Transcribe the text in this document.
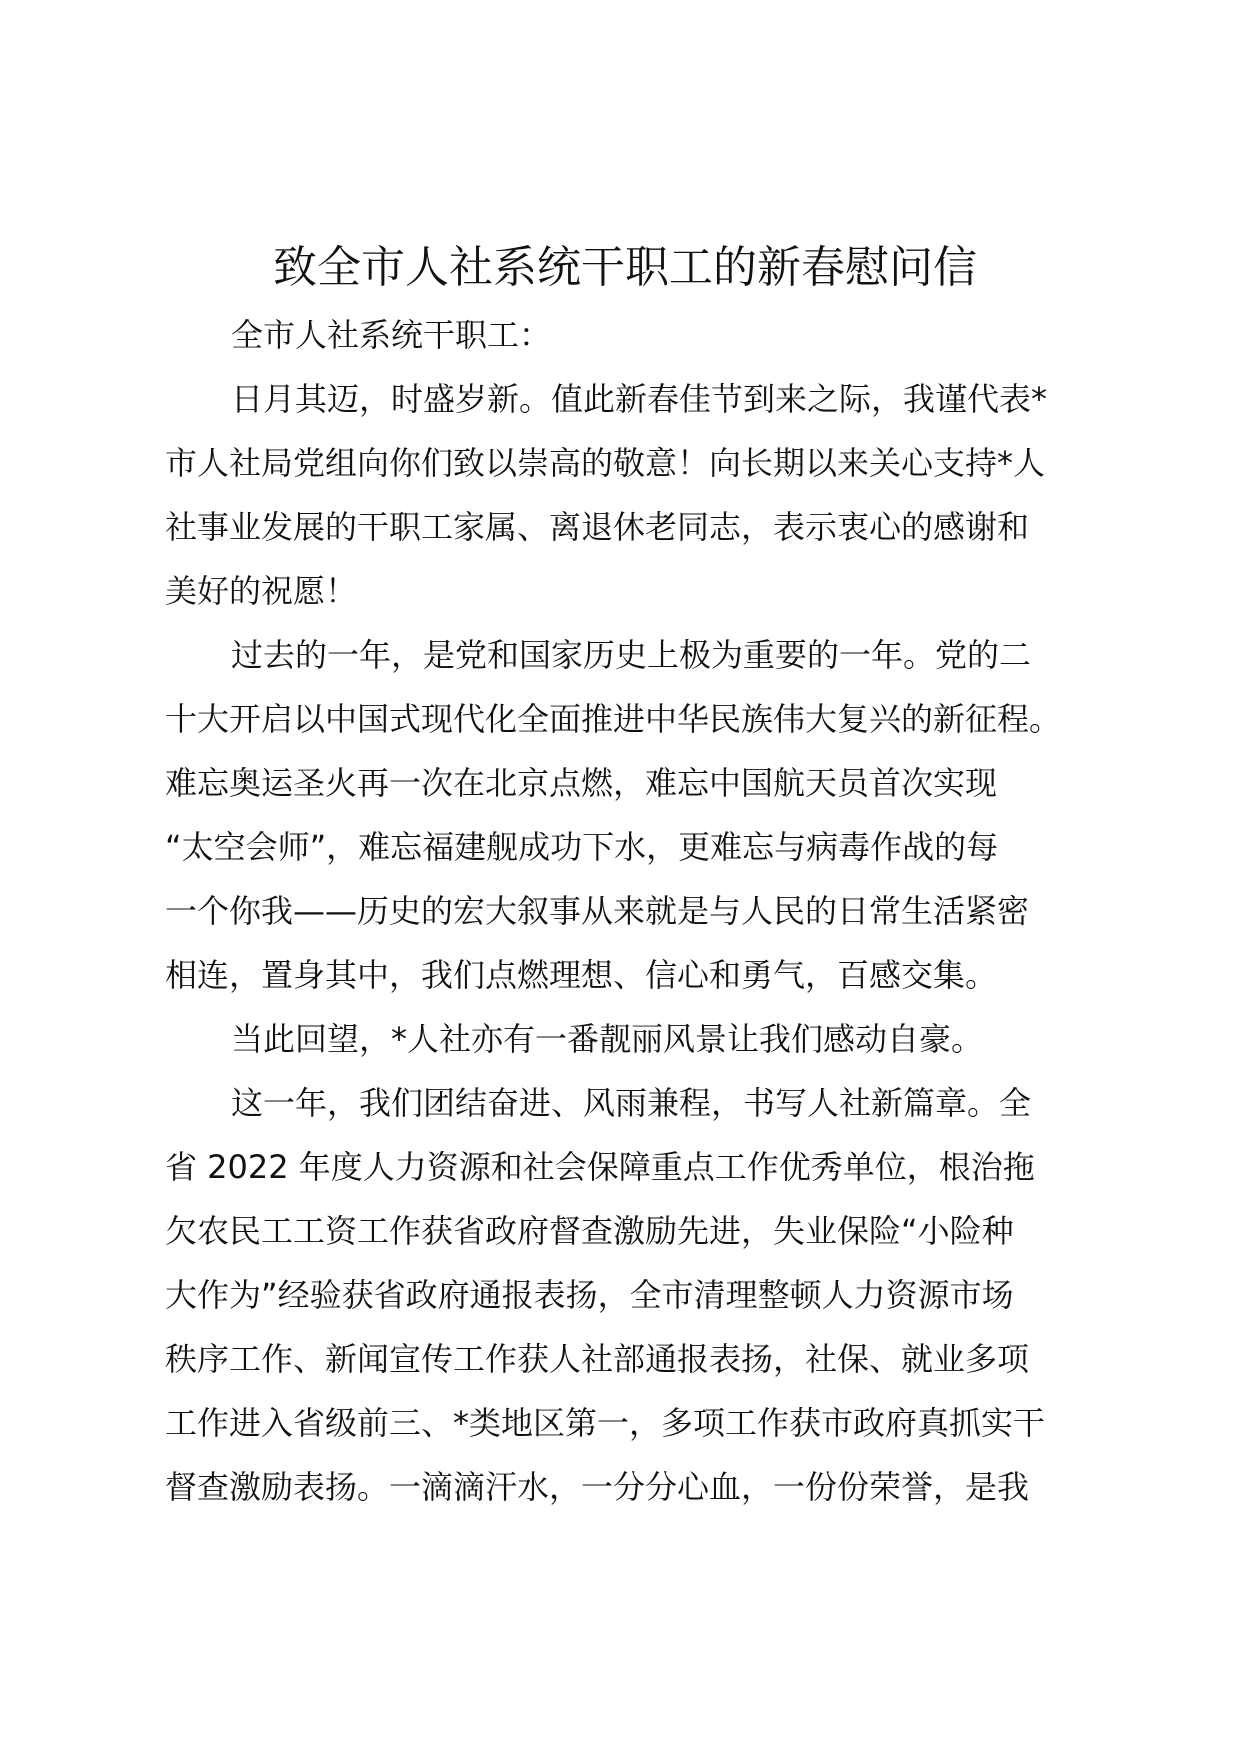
致全市人社系统干职工的新春慰问信
全市人社系统干职工：
日月其迈，时盛岁新。值此新春佳节到来之际，我谨代表*
市人社局党组向你们致以崇高的敬意！向长期以来关心支持*人
社事业发展的干职工家属、离退休老同志，表示衷心的感谢和
美好的祝愿！
过去的一年，是党和国家历史上极为重要的一年。党的二
十大开启以中国式现代化全面推进中华民族伟大复兴的新征程。
难忘奥运圣火再一次在北京点燃，难忘中国航天员首次实现
“太空会师”，难忘福建舰成功下水，更难忘与病毒作战的每
一个你我——历史的宏大叙事从来就是与人民的日常生活紧密
相连，置身其中，我们点燃理想、信心和勇气，百感交集。
当此回望，*人社亦有一番靓丽风景让我们感动自豪。
这一年，我们团结奋进、风雨兼程，书写人社新篇章。全
省 2022 年度人力资源和社会保障重点工作优秀单位，根治拖
欠农民工工资工作获省政府督查激励先进，失业保险“小险种
大作为”经验获省政府通报表扬，全市清理整顿人力资源市场
秩序工作、新闻宣传工作获人社部通报表扬，社保、就业多项
工作进入省级前三、*类地区第一，多项工作获市政府真抓实干
督查激励表扬。一滴滴汗水，一分分心血，一份份荣誉，是我
